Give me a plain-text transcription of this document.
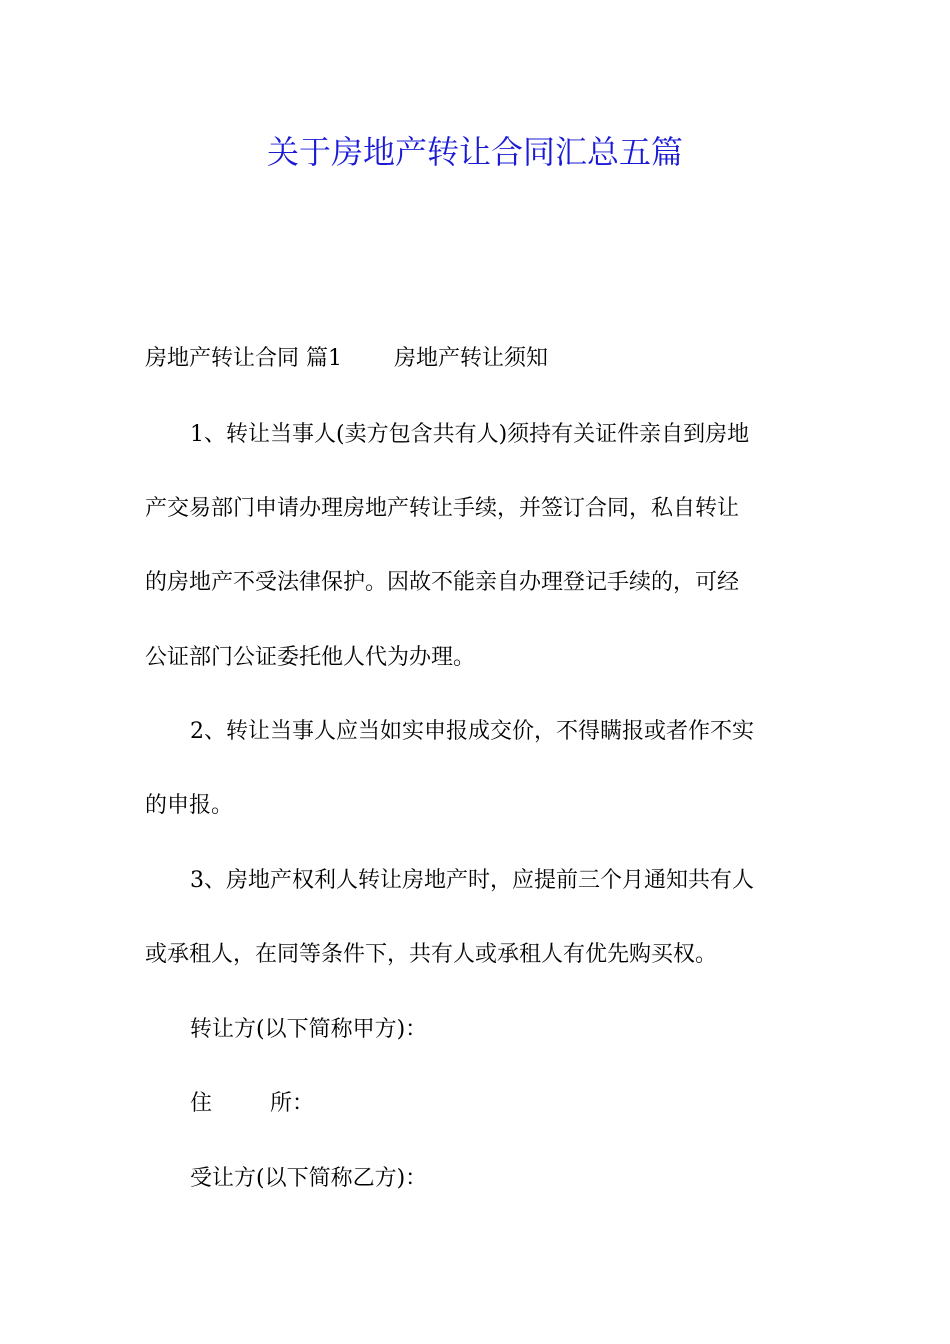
关于房地产转让合同汇总五篇

房地产转让合同 篇1 房地产转让须知

1、转让当事人(卖方包含共有人)须持有关证件亲自到房地

产交易部门申请办理房地产转让手续，并签订合同，私自转让

的房地产不受法律保护。因故不能亲自办理登记手续的，可经

公证部门公证委托他人代为办理。

2、转让当事人应当如实申报成交价，不得瞒报或者作不实

的申报。

3、房地产权利人转让房地产时，应提前三个月通知共有人

或承租人，在同等条件下，共有人或承租人有优先购买权。

转让方(以下简称甲方)：

住	所：

受让方(以下简称乙方)：
